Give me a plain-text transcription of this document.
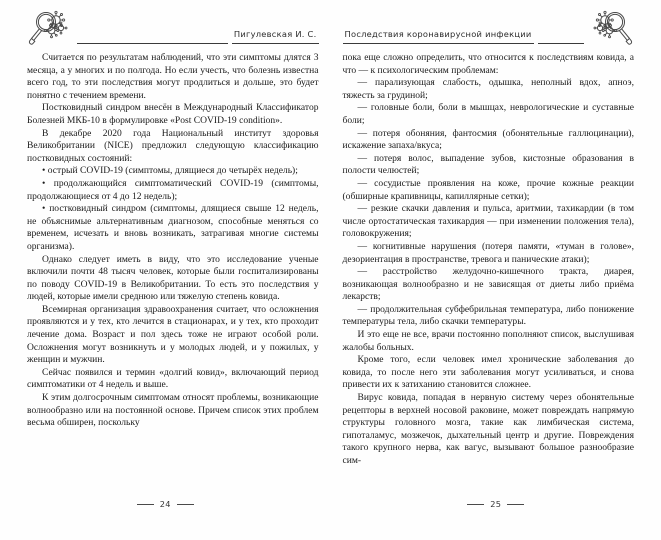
Пигулевская И. С.

Считается по результатам наблюдений, что эти симптомы длятся 3 месяца, а у многих и по полгода. Но если учесть, что болезнь известна всего год, то эти последствия могут продлиться и дольше, это будет понятно с течением времени.

Постковидный синдром внесён в Международный Классификатор Болезней МКБ-10 в формулировке «Post COVID-19 condition».

В декабре 2020 года Национальный институт здоровья Великобритании (NICE) предложил следующую классификацию постковидных состояний:

• острый COVID-19 (симптомы, длящиеся до четырёх недель);

• продолжающийся симптоматический COVID-19 (симптомы, продолжающиеся от 4 до 12 недель);

• постковидный синдром (симптомы, длящиеся свыше 12 недель, не объяснимые альтернативным диагнозом, способные меняться со временем, исчезать и вновь возникать, затрагивая многие системы организма).

Однако следует иметь в виду, что это исследование ученые включили почти 48 тысяч человек, которые были госпитализированы по поводу COVID-19 в Великобритании. То есть это последствия у людей, которые имели среднюю или тяжелую степень ковида.

Всемирная организация здравоохранения считает, что осложнения проявляются и у тех, кто лечится в стационарах, и у тех, кто проходит лечение дома. Возраст и пол здесь тоже не играют особой роли. Осложнения могут возникнуть и у молодых людей, и у пожилых, у женщин и мужчин.

Сейчас появился и термин «долгий ковид», включающий период симптоматики от 4 недель и выше.

К этим долгосрочным симптомам относят проблемы, возникающие волнообразно или на постоянной основе. Причем список этих проблем весьма обширен, поскольку

24
Последствия коронавирусной инфекции

пока еще сложно определить, что относится к последствиям ковида, а что — к психологическим проблемам:

— парализующая слабость, одышка, неполный вдох, апноэ, тяжесть за грудиной;

— головные боли, боли в мышцах, неврологические и суставные боли;

— потеря обоняния, фантосмия (обонятельные галлюцинации), искажение запаха/вкуса;

— потеря волос, выпадение зубов, кистозные образования в полости челюстей;

— сосудистые проявления на коже, прочие кожные реакции (обширные крапивницы, капиллярные сетки);

— резкие скачки давления и пульса, аритмии, тахикардии (в том числе ортостатическая тахикардия — при изменении положения тела), головокружения;

— когнитивные нарушения (потеря памяти, «туман в голове», дезориентация в пространстве, тревога и панические атаки);

— расстройство желудочно-кишечного тракта, диарея, возникающая волнообразно и не зависящая от диеты либо приёма лекарств;

— продолжительная субфебрильная температура, либо понижение температуры тела, либо скачки температуры.

И это еще не все, врачи постоянно пополняют список, выслушивая жалобы больных.

Кроме того, если человек имел хронические заболевания до ковида, то после него эти заболевания могут усиливаться, и снова привести их к затиханию становится сложнее.

Вирус ковида, попадая в нервную систему через обонятельные рецепторы в верхней носовой раковине, может повреждать напрямую структуры головного мозга, такие как лимбическая система, гипоталамус, мозжечок, дыхательный центр и другие. Повреждения такого крупного нерва, как вагус, вызывают большое разнообразие сим-

25
